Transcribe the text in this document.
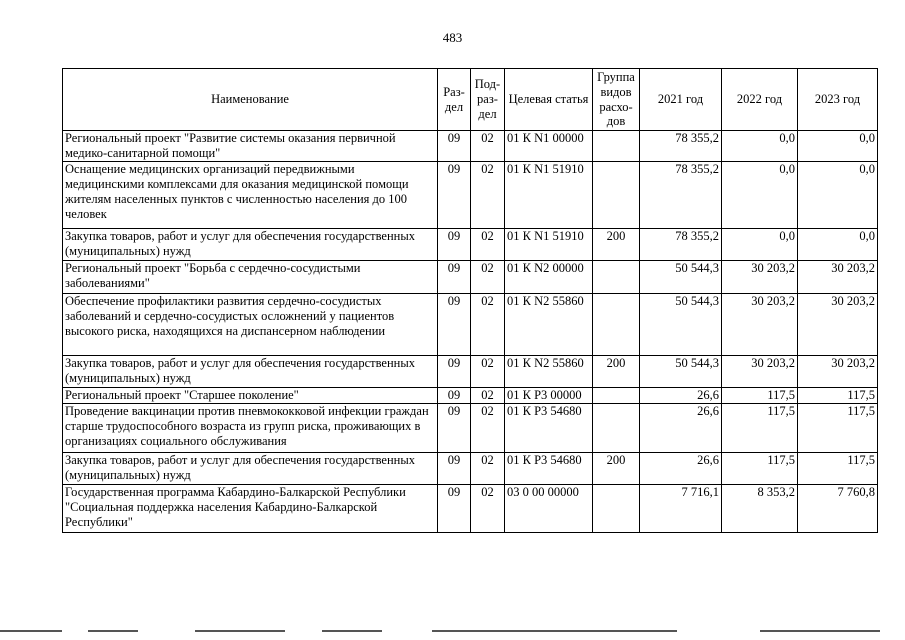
483
Наименование	Раз-дел	Под-раз-дел	Целевая статья	Группа видов расхо-дов	2021 год	2022 год	2023 год
Региональный проект "Развитие системы оказания первичной медико-санитарной помощи"	09	02	01 К N1 00000		78 355,2	0,0	0,0
Оснащение медицинских организаций передвижными медицинскими комплексами для оказания медицинской помощи жителям населенных пунктов с численностью населения до 100 человек	09	02	01 К N1 51910		78 355,2	0,0	0,0
Закупка товаров, работ и услуг для обеспечения государственных (муниципальных) нужд	09	02	01 К N1 51910	200	78 355,2	0,0	0,0
Региональный проект "Борьба с сердечно-сосудистыми заболеваниями"	09	02	01 К N2 00000		50 544,3	30 203,2	30 203,2
Обеспечение профилактики развития сердечно-сосудистых заболеваний и сердечно-сосудистых осложнений у пациентов высокого риска, находящихся на диспансерном наблюдении	09	02	01 К N2 55860		50 544,3	30 203,2	30 203,2
Закупка товаров, работ и услуг для обеспечения государственных (муниципальных) нужд	09	02	01 К N2 55860	200	50 544,3	30 203,2	30 203,2
Региональный проект "Старшее поколение"	09	02	01 К P3 00000		26,6	117,5	117,5
Проведение вакцинации против пневмококковой инфекции граждан старше трудоспособного возраста из групп риска, проживающих в организациях социального обслуживания	09	02	01 К P3 54680		26,6	117,5	117,5
Закупка товаров, работ и услуг для обеспечения государственных (муниципальных) нужд	09	02	01 К P3 54680	200	26,6	117,5	117,5
Государственная программа Кабардино-Балкарской Республики "Социальная поддержка населения Кабардино-Балкарской Республики"	09	02	03 0 00 00000		7 716,1	8 353,2	7 760,8
